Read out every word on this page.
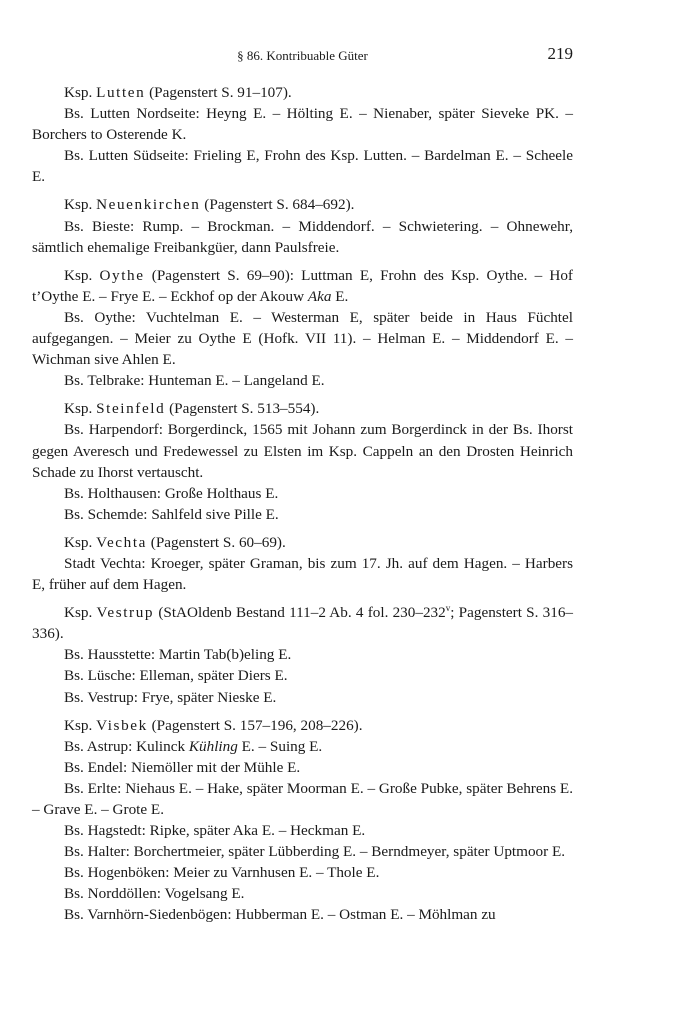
§ 86. Kontribuable Güter	219

Ksp. Lutten (Pagenstert S. 91–107).

Bs. Lutten Nordseite: Heyng E. – Hölting E. – Nienaber, später Sieveke PK. – Borchers to Osterende K.

Bs. Lutten Südseite: Frieling E, Frohn des Ksp. Lutten. – Bardelman E. – Scheele E.

Ksp. Neuenkirchen (Pagenstert S. 684–692).

Bs. Bieste: Rump. – Brockman. – Middendorf. – Schwietering. – Ohnewehr, sämtlich ehemalige Freibankgüer, dann Paulsfreie.

Ksp. Oythe (Pagenstert S. 69–90): Luttman E, Frohn des Ksp. Oythe. – Hof t’Oythe E. – Frye E. – Eckhof op der Akouw Aka E.

Bs. Oythe: Vuchtelman E. – Westerman E, später beide in Haus Füchtel aufgegangen. – Meier zu Oythe E (Hofk. VII 11). – Helman E. – Middendorf E. – Wichman sive Ahlen E.

Bs. Telbrake: Hunteman E. – Langeland E.

Ksp. Steinfeld (Pagenstert S. 513–554).

Bs. Harpendorf: Borgerdinck, 1565 mit Johann zum Borgerdinck in der Bs. Ihorst gegen Averesch und Fredewessel zu Elsten im Ksp. Cappeln an den Drosten Heinrich Schade zu Ihorst vertauscht.

Bs. Holthausen: Große Holthaus E.

Bs. Schemde: Sahlfeld sive Pille E.

Ksp. Vechta (Pagenstert S. 60–69).

Stadt Vechta: Kroeger, später Graman, bis zum 17. Jh. auf dem Hagen. – Harbers E, früher auf dem Hagen.

Ksp. Vestrup (StAOldenb Bestand 111–2 Ab. 4 fol. 230–232$^v$; Pagenstert S. 316–336).

Bs. Hausstette: Martin Tab(b)eling E.

Bs. Lüsche: Elleman, später Diers E.

Bs. Vestrup: Frye, später Nieske E.

Ksp. Visbek (Pagenstert S. 157–196, 208–226).

Bs. Astrup: Kulinck Kühling E. – Suing E.

Bs. Endel: Niemöller mit der Mühle E.

Bs. Erlte: Niehaus E. – Hake, später Moorman E. – Große Pubke, später Behrens E. – Grave E. – Grote E.

Bs. Hagstedt: Ripke, später Aka E. – Heckman E.

Bs. Halter: Borchertmeier, später Lübberding E. – Berndmeyer, später Uptmoor E.

Bs. Hogenböken: Meier zu Varnhusen E. – Thole E.

Bs. Norddöllen: Vogelsang E.

Bs. Varnhörn-Siedenbögen: Hubberman E. – Ostman E. – Möhlman zu
